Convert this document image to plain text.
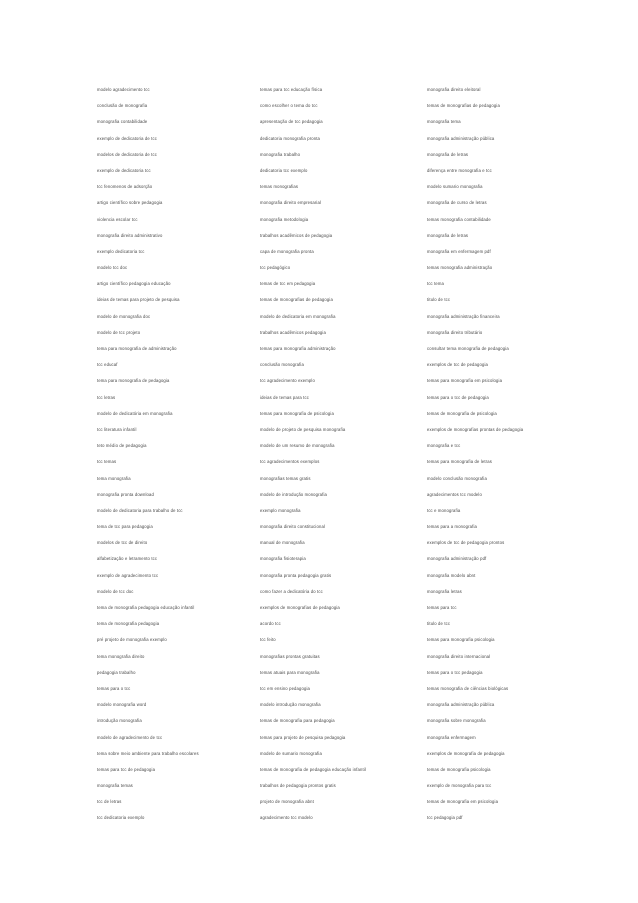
modelo agradecimento tcc
conclusão de monografia
monografia contabilidade
exemplo de dedicatoria de tcc
modelos de dedicatoria de tcc
exemplo de dedicatoria tcc
tcc fenomenos de adsorção
artigo científico sobre pedagogia
violencia escolar tcc
monografia direito administrativo
exemplo dedicatoria tcc
modelo tcc doc
artigo científico pedagogia educação
ideias de temas para projeto de pesquisa
modelo de monografia doc
modelo de tcc projeto
tema para monografia de administração
tcc educaf
tema para monografia de pedagogia
tcc letras
modelo de dedicatória em monografia
tcc literatura infantil
teto médio de pedagogia
tcc temas
tema monografia
monografia pronta download
modelo de dedicatoria para trabalho de tcc
tema de tcc para pedagogia
modelos de tcc de direito
alfabetização e letramento tcc
exemplo de agradecimento tcc
modelo de tcc doc
tema de monografia pedagogia educação infantil
tema de monografia pedagogia
pré projeto de monografia exemplo
tema monografia direito
pedagogia trabalho
temas para o tcc
modelo monografia word
introdução monografia
modelo de agradecimento de tcc
tema sobre meio ambiente para trabalho escolares
temas para tcc de pedagogia
monografia temas
tcc de letras
tcc dedicatoria exemplo
temas para tcc educação física
como escolher o tema do tcc
apresentação de tcc pedagogia
dedicatoria monografia pronta
monografia trabalho
dedicatoria tcc exemplo
temas monografias
monografia direito empresarial
monografia metodologia
trabalhos acadêmicos de pedagogia
capa de monografia pronta
tcc pedagógico
temas de tcc em pedagogia
temas de monografias de pedagogia
modelo de dedicatoria em monografia
trabalhos acadêmicos pedagogia
temas para monografia administração
conclusão monografia
tcc agradecimento exemplo
ideias de temas para tcc
temas para monografia de psicologia
modelo de projeto de pesquisa monografia
modelo de um resumo de monografia
tcc agradecimentos exemplos
monografias temas gratis
modelo de introdução monografia
exemplo monografia
monografia direito constitucional
manual de monografia
monografia fisioterapia
monografia pronta pedagogia gratis
como fazer a dedicatória do tcc
exemplos de monografias de pedagogia
acordo tcc
tcc feito
monografias prontas gratuitas
temas atuais para monografia
tcc em ensino pedagogia
modelo introdução monografia
temas de monografia para pedagogia
temas para projeto de pesquisa pedagogia
modelo de sumario monografia
temas de monografia de pedagogia educação infantil
trabalhos de pedagogia prontos gratis
projeto de monografia abnt
agradecimento tcc modelo
monografia direito eleitoral
temas de monografias de pedagogia
monografia tema
monografia administração pública
monografia de letras
diferença entre monografia e tcc
modelo sumario monografia
monografia de curso de letras
temas monografia contabilidade
monografia de letras
monografia em enfermagem pdf
temas monografia administração
tcc tema
titulo de tcc
monografia administração financeira
monografia direito tributário
consultar tema monografia de pedagogia
exemplos de tcc de pedagogia
temas para monografia em psicologia
temas para o tcc de pedagogia
temas de monografia de psicologia
exemplos de monografias prontas de pedagogia
monografia e tcc
temas para monografia de letras
modelo conclusão monografia
agradecimentos tcc modelo
tcc e monografia
temas para a monografia
exemplos de tcc de pedagogia prontos
monografia administração pdf
monografia modelo abnt
monografia letras
temas para tcc
titulo de tcc
temas para monografia psicologia
monografia direito internacional
temas para o tcc pedagogia
temas monografia de ciências biológicas
monografia administração pública
monografia sobre monografia
monografia enfermagem
exemplos de monografia de pedagogia
temas de monografia psicologia
exemplo de monografia para tcc
temas de monografia em psicologia
tcc pedagogia pdf
